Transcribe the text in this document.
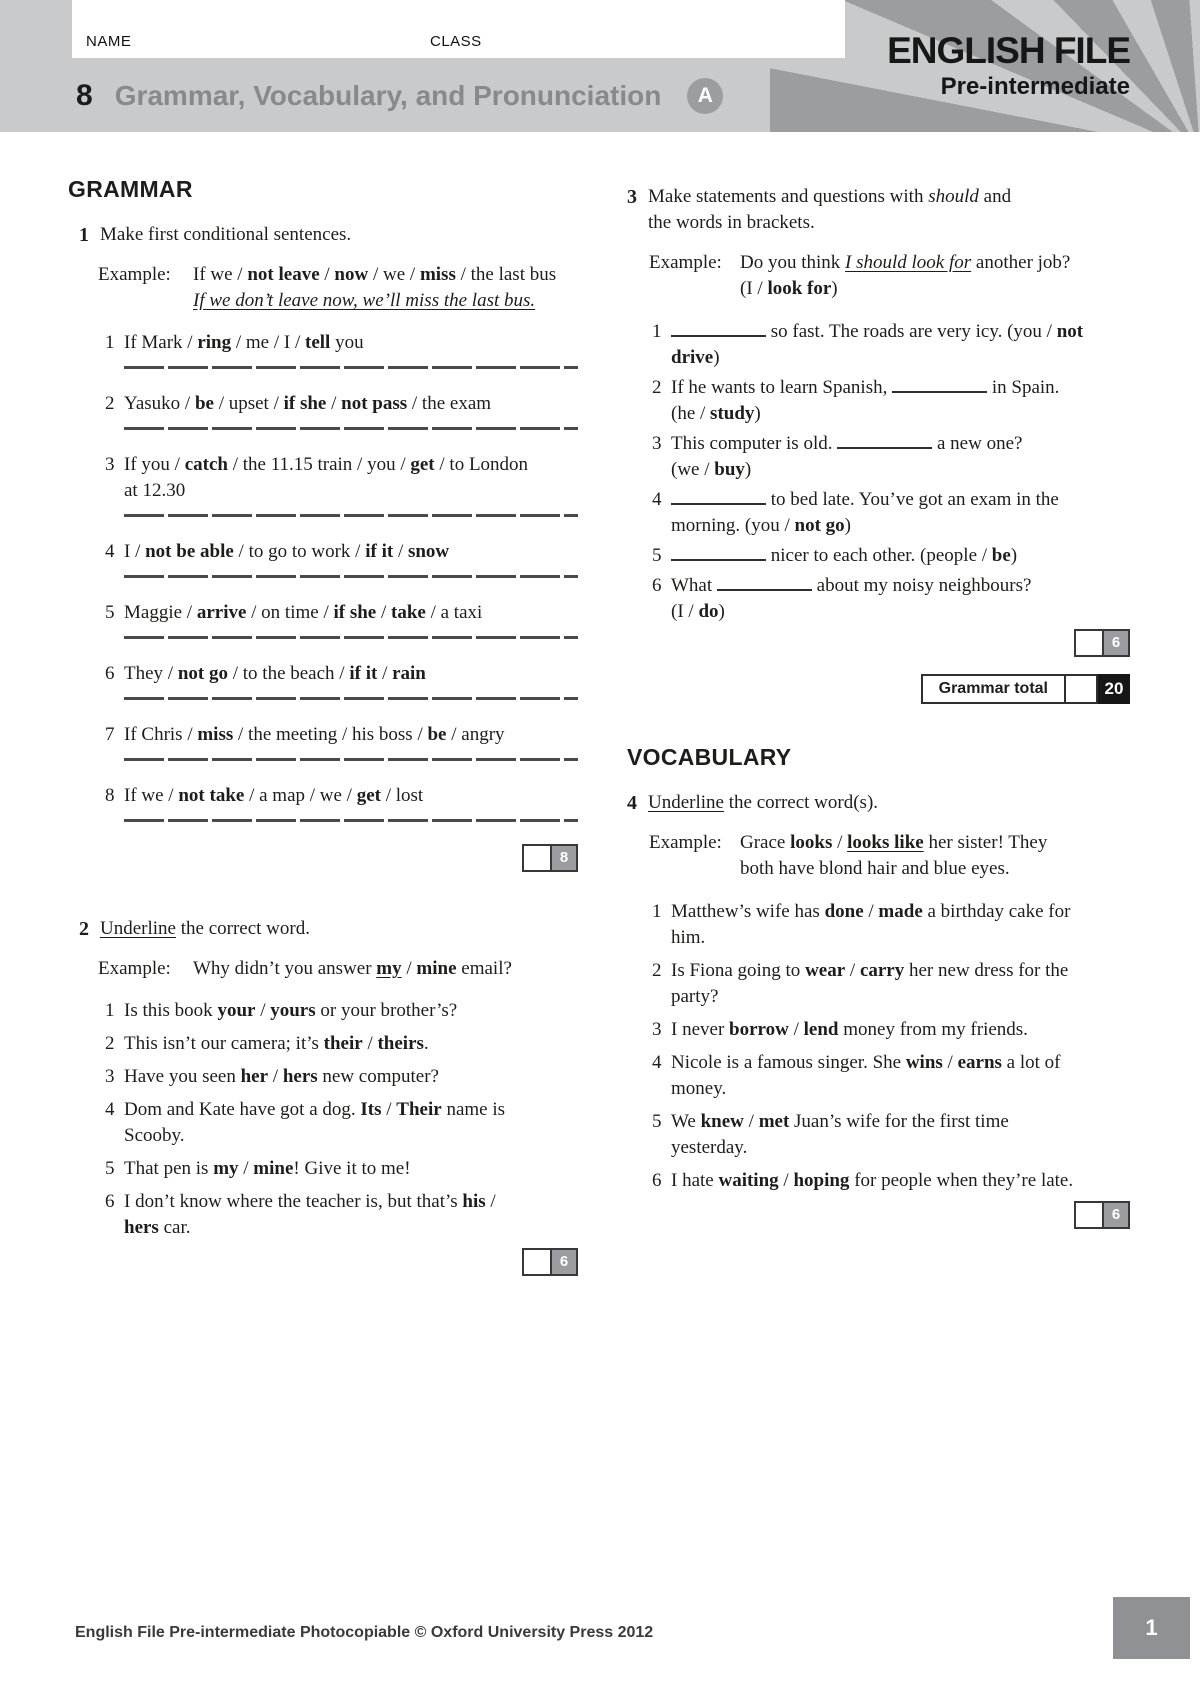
NAME	CLASS
8 Grammar, Vocabulary, and Pronunciation A
ENGLISH FILE
Pre-intermediate
GRAMMAR
1 Make first conditional sentences.
Example:	If we / not leave / now / we / miss / the last bus
If we don’t leave now, we’ll miss the last bus.
1 If Mark / ring / me / I / tell you
2 Yasuko / be / upset / if she / not pass / the exam
3 If you / catch / the 11.15 train / you / get / to London
at 12.30
4 I / not be able / to go to work / if it / snow
5 Maggie / arrive / on time / if she / take / a taxi
6 They / not go / to the beach / if it / rain
7 If Chris / miss / the meeting / his boss / be / angry
8 If we / not take / a map / we / get / lost
8
2 Underline the correct word.
Example:	Why didn’t you answer my / mine email?
1 Is this book your / yours or your brother’s?
2 This isn’t our camera; it’s their / theirs.
3 Have you seen her / hers new computer?
4 Dom and Kate have got a dog. Its / Their name is
Scooby.
5 That pen is my / mine! Give it to me!
6 I don’t know where the teacher is, but that’s his /
hers car.
6
3 Make statements and questions with should and
the words in brackets.
Example: Do you think I should look for another job?
(I / look for)
1	so fast. The roads are very icy. (you / not
drive)
2 If he wants to learn Spanish,	in Spain.
(he / study)
3 This computer is old.	a new one?
(we / buy)
4	to bed late. You’ve got an exam in the
morning. (you / not go)
5	nicer to each other. (people / be)
6 What	about my noisy neighbours?
(I / do)
6
Grammar total	20
VOCABULARY
4 Underline the correct word(s).
Example: Grace looks / looks like her sister! They
both have blond hair and blue eyes.
1 Matthew’s wife has done / made a birthday cake for
him.
2 Is Fiona going to wear / carry her new dress for the
party?
3 I never borrow / lend money from my friends.
4 Nicole is a famous singer. She wins / earns a lot of
money.
5 We knew / met Juan’s wife for the first time
yesterday.
6 I hate waiting / hoping for people when they’re late.
6
English File Pre-intermediate Photocopiable © Oxford University Press 2012	1
